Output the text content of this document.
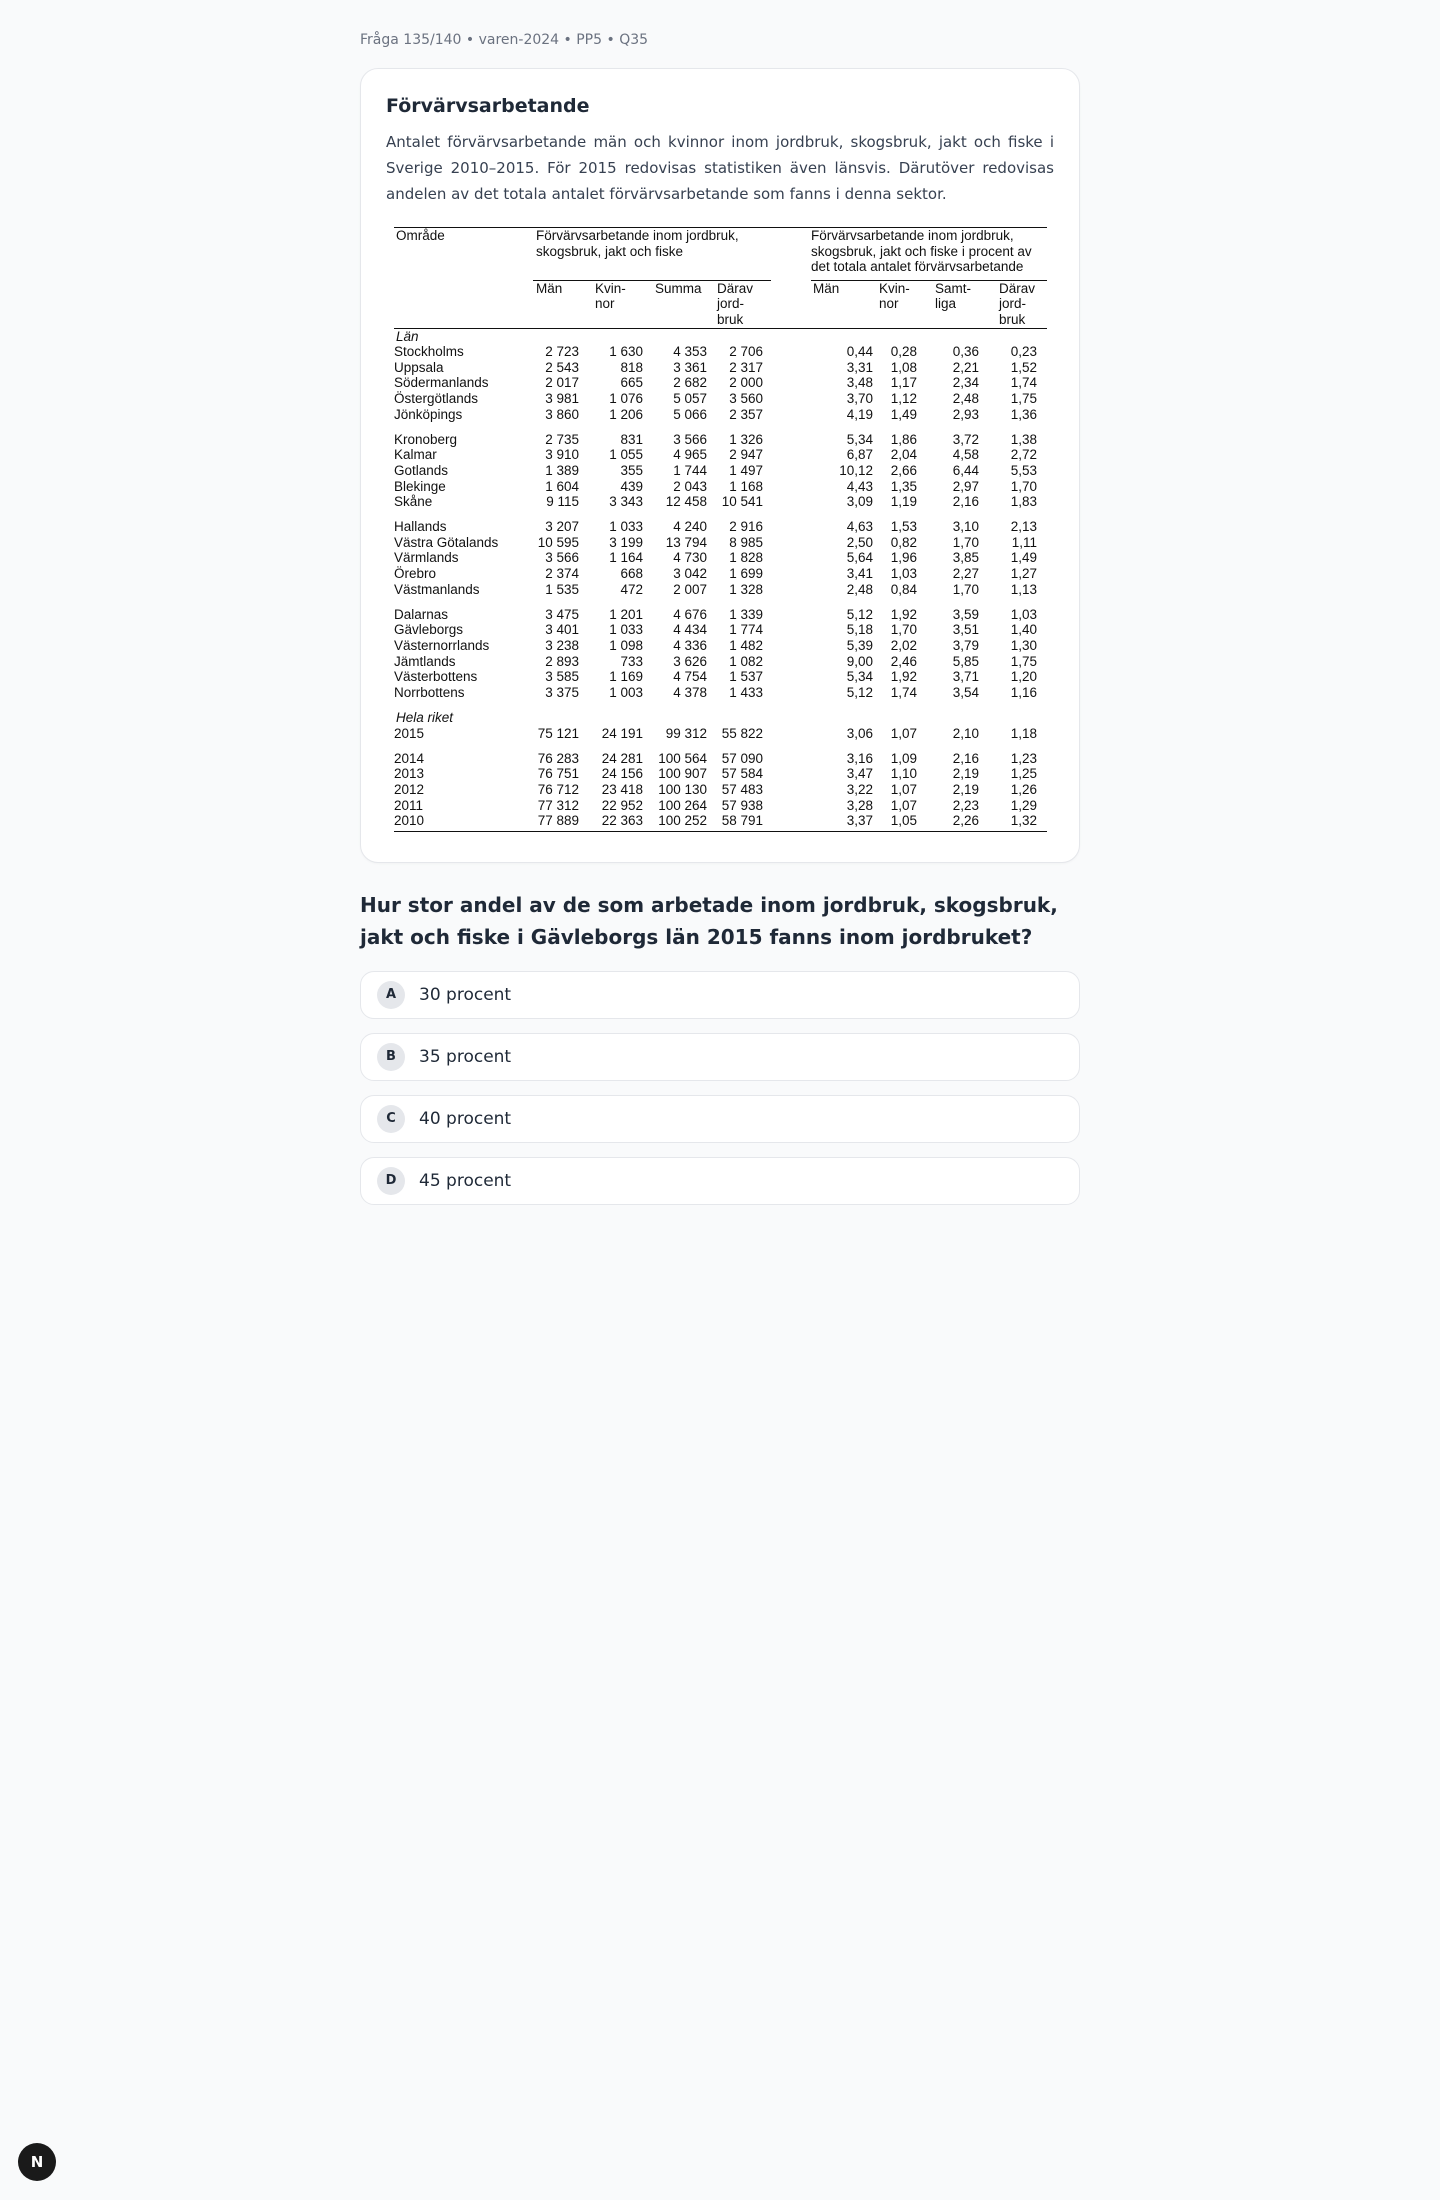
Fråga 135/140 • varen-2024 • PP5 • Q35
Förvärvsarbetande

Antalet förvärvsarbetande män och kvinnor inom jordbruk, skogsbruk, jakt och fiske i Sverige 2010–2015. För 2015 redovisas statistiken även länsvis. Därutöver redovisas andelen av det totala antalet förvärvsarbetande som fanns i denna sektor.

Område	Förvärvsarbetande inom jordbruk, skogsbruk, jakt och fiske					Förvärvsarbetande inom jordbruk, skogsbruk, jakt och fiske i procent av det totala antalet förvärvsarbetande			

	Män	Kvin-nor	Summa	Därav jord-bruk		Män	Kvin-nor	Samt-liga	Därav jord-bruk
Län									
Stockholms	2 723	1 630	4 353	2 706		0,44	0,28	0,36	0,23
Uppsala	2 543	818	3 361	2 317		3,31	1,08	2,21	1,52
Södermanlands	2 017	665	2 682	2 000		3,48	1,17	2,34	1,74
Östergötlands	3 981	1 076	5 057	3 560		3,70	1,12	2,48	1,75
Jönköpings	3 860	1 206	5 066	2 357		4,19	1,49	2,93	1,36

Kronoberg	2 735	831	3 566	1 326		5,34	1,86	3,72	1,38
Kalmar	3 910	1 055	4 965	2 947		6,87	2,04	4,58	2,72
Gotlands	1 389	355	1 744	1 497		10,12	2,66	6,44	5,53
Blekinge	1 604	439	2 043	1 168		4,43	1,35	2,97	1,70
Skåne	9 115	3 343	12 458	10 541		3,09	1,19	2,16	1,83

Hallands	3 207	1 033	4 240	2 916		4,63	1,53	3,10	2,13
Västra Götalands	10 595	3 199	13 794	8 985		2,50	0,82	1,70	1,11
Värmlands	3 566	1 164	4 730	1 828		5,64	1,96	3,85	1,49
Örebro	2 374	668	3 042	1 699		3,41	1,03	2,27	1,27
Västmanlands	1 535	472	2 007	1 328		2,48	0,84	1,70	1,13

Dalarnas	3 475	1 201	4 676	1 339		5,12	1,92	3,59	1,03
Gävleborgs	3 401	1 033	4 434	1 774		5,18	1,70	3,51	1,40
Västernorrlands	3 238	1 098	4 336	1 482		5,39	2,02	3,79	1,30
Jämtlands	2 893	733	3 626	1 082		9,00	2,46	5,85	1,75
Västerbottens	3 585	1 169	4 754	1 537		5,34	1,92	3,71	1,20
Norrbottens	3 375	1 003	4 378	1 433		5,12	1,74	3,54	1,16

Hela riket									
2015	75 121	24 191	99 312	55 822		3,06	1,07	2,10	1,18

2014	76 283	24 281	100 564	57 090		3,16	1,09	2,16	1,23
2013	76 751	24 156	100 907	57 584		3,47	1,10	2,19	1,25
2012	76 712	23 418	100 130	57 483		3,22	1,07	2,19	1,26
2011	77 312	22 952	100 264	57 938		3,28	1,07	2,23	1,29
2010	77 889	22 363	100 252	58 791		3,37	1,05	2,26	1,32
Hur stor andel av de som arbetade inom jordbruk, skogsbruk, jakt och fiske i Gävleborgs län 2015 fanns inom jordbruket?
A	30 procent
B	35 procent
C	40 procent
D	45 procent
N
